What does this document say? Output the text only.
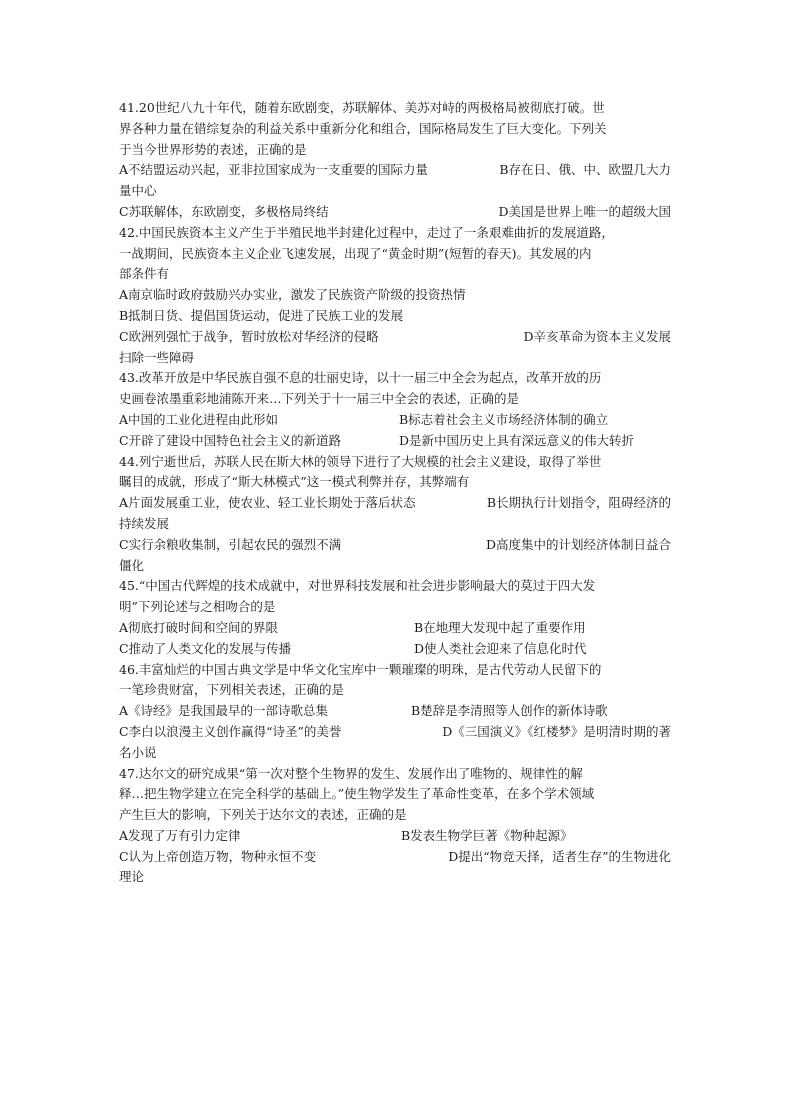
41.20世纪八九十年代，随着东欧剧变，苏联解体、美苏对峙的两极格局被彻底打破。世
界各种力量在错综复杂的利益关系中重新分化和组合，国际格局发生了巨大变化。下列关
于当今世界形势的表述，正确的是
A不结盟运动兴起，亚非拉国家成为一支重要的国际力量	B存在日、俄、中、欧盟几大力
量中心
C苏联解体，东欧剧变，多极格局终结	D美国是世界上唯一的超级大国
42.中国民族资本主义产生于半殖民地半封建化过程中，走过了一条艰难曲折的发展道路，
一战期间，民族资本主义企业飞速发展，出现了“黄金时期”(短暂的春天)。其发展的内
部条件有
A南京临时政府鼓励兴办实业，激发了民族资产阶级的投资热情
B抵制日货、提倡国货运动，促进了民族工业的发展
C欧洲列强忙于战争，暂时放松对华经济的侵略	D辛亥革命为资本主义发展
扫除一些障碍
43.改革开放是中华民族自强不息的壮丽史诗，以十一届三中全会为起点，改革开放的历
史画卷浓墨重彩地浦陈开来…下列关于十一届三中全会的表述，正确的是
A中国的工业化进程由此形如	B标志着社会主义市场经济体制的确立
C开辟了建设中国特色社会主义的新道路	D是新中国历史上具有深远意义的伟大转折
44.列宁逝世后，苏联人民在斯大林的领导下进行了大规模的社会主义建设，取得了举世
瞩目的成就，形成了“斯大林模式”这一模式利弊并存，其弊端有
A片面发展重工业，使农业、轻工业长期处于落后状态	B长期执行计划指令，阻碍经济的
持续发展
C实行余粮收集制，引起农民的强烈不满	D高度集中的计划经济体制日益合
僵化
45.“中国古代辉煌的技术成就中，对世界科技发展和社会进步影响最大的莫过于四大发
明”下列论述与之相吻合的是
A彻底打破时间和空间的界限	B在地理大发现中起了重要作用
C推动了人类文化的发展与传播	D使人类社会迎来了信息化时代
46.丰富灿烂的中国古典文学是中华文化宝库中一颗璀璨的明珠，是古代劳动人民留下的
一笔珍贵财富，下列相关表述，正确的是
A《诗经》是我国最早的一部诗歌总集	B楚辞是李清照等人创作的新体诗歌
C李白以浪漫主义创作赢得“诗圣”的美誉	D《三国演义》《红楼梦》是明清时期的著
名小说
47.达尔文的研究成果“第一次对整个生物界的发生、发展作出了唯物的、规律性的解
释…把生物学建立在完全科学的基础上。”使生物学发生了革命性变革，在多个学术领域
产生巨大的影响，下列关于达尔文的表述，正确的是
A发现了万有引力定律	B发表生物学巨著《物种起源》
C认为上帝创造万物，物种永恒不变	D提出“物竞天择，适者生存”的生物进化
理论
